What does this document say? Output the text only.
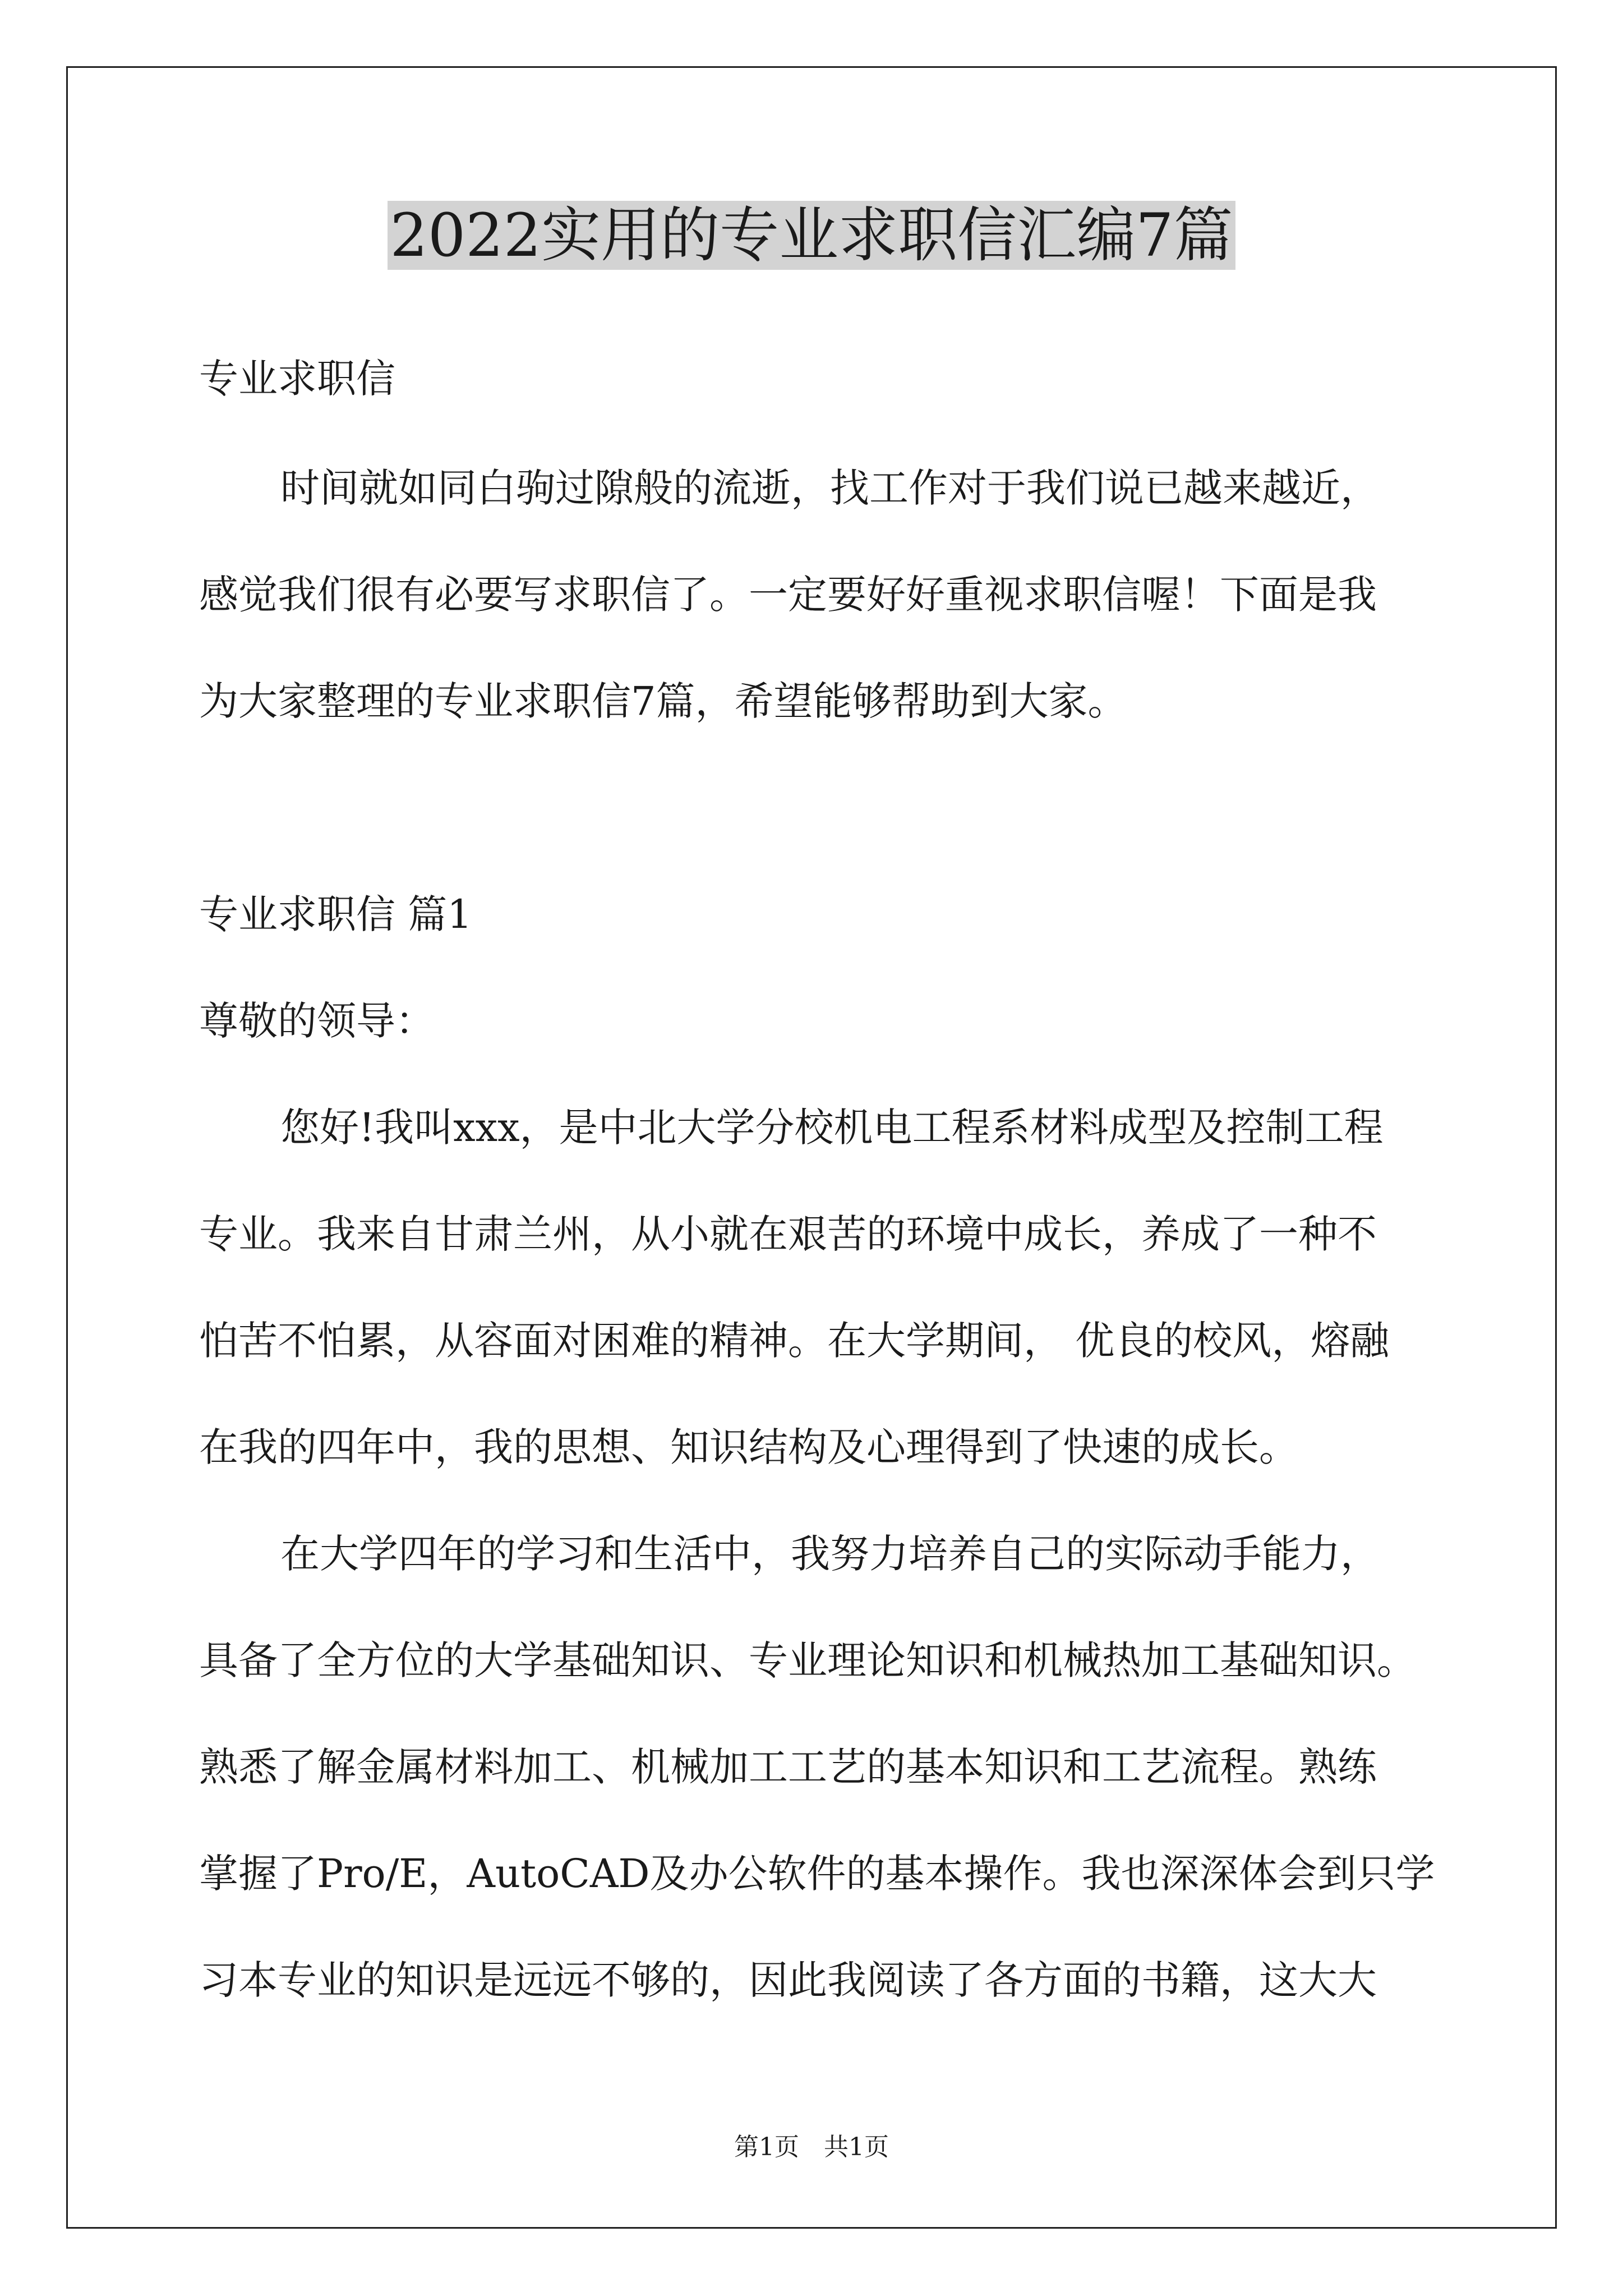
2022实用的专业求职信汇编7篇

专业求职信

时间就如同白驹过隙般的流逝，找工作对于我们说已越来越近，

感觉我们很有必要写求职信了。一定要好好重视求职信喔！下面是我

为大家整理的专业求职信7篇，希望能够帮助到大家。

专业求职信 篇1

尊敬的领导：

您好!我叫xxx，是中北大学分校机电工程系材料成型及控制工程

专业。我来自甘肃兰州，从小就在艰苦的环境中成长，养成了一种不

怕苦不怕累，从容面对困难的精神。在大学期间， 优良的校风，熔融

在我的四年中，我的思想、知识结构及心理得到了快速的成长。

在大学四年的学习和生活中，我努力培养自己的实际动手能力，

具备了全方位的大学基础知识、专业理论知识和机械热加工基础知识。

熟悉了解金属材料加工、机械加工工艺的基本知识和工艺流程。熟练

掌握了Pro/E，AutoCAD及办公软件的基本操作。我也深深体会到只学

习本专业的知识是远远不够的，因此我阅读了各方面的书籍，这大大

第1页　共1页
